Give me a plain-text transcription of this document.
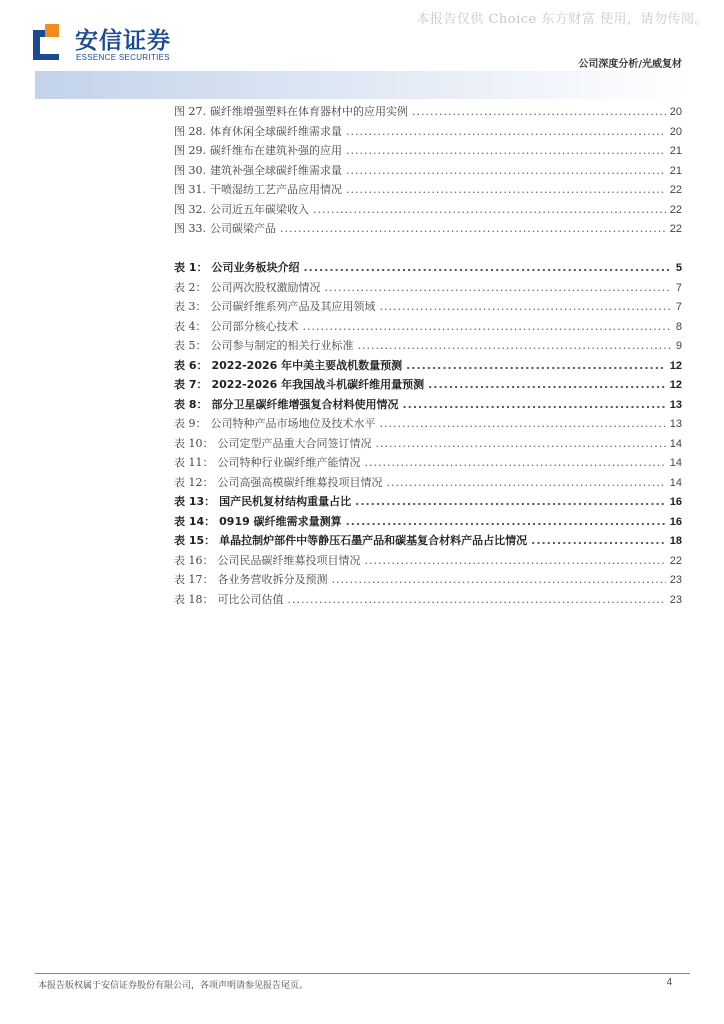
本报告仅供 Choice 东方财富 使用，请勿传阅。
安信证券
ESSENCE SECURITIES
公司深度分析/光威复材
图 27. 碳纤维增强塑料在体育器材中的应用实例 .....	20
图 28. 体育休闲全球碳纤维需求量 .....	20
图 29. 碳纤维布在建筑补强的应用 .....	21
图 30. 建筑补强全球碳纤维需求量 .....	21
图 31. 干喷湿纺工艺产品应用情况 .....	22
图 32. 公司近五年碳梁收入 .....	22
图 33. 公司碳梁产品 .....	22
表 1： 公司业务板块介绍 .....	5
表 2： 公司两次股权激励情况 .....	7
表 3： 公司碳纤维系列产品及其应用领域 .....	7
表 4： 公司部分核心技术 .....	8
表 5： 公司参与制定的相关行业标准 .....	9
表 6： 2022-2026 年中美主要战机数量预测 .....	12
表 7： 2022-2026 年我国战斗机碳纤维用量预测 .....	12
表 8： 部分卫星碳纤维增强复合材料使用情况 .....	13
表 9： 公司特种产品市场地位及技术水平 .....	13
表 10： 公司定型产品重大合同签订情况 .....	14
表 11： 公司特种行业碳纤维产能情况 .....	14
表 12： 公司高强高模碳纤维募投项目情况 .....	14
表 13： 国产民机复材结构重量占比 .....	16
表 14： 0919 碳纤维需求量测算 .....	16
表 15： 单晶拉制炉部件中等静压石墨产品和碳基复合材料产品占比情况 .....	18
表 16： 公司民品碳纤维募投项目情况 .....	22
表 17： 各业务营收拆分及预测 .....	23
表 18： 可比公司估值 .....	23
本报告版权属于安信证券股份有限公司，各项声明请参见报告尾页。	4
